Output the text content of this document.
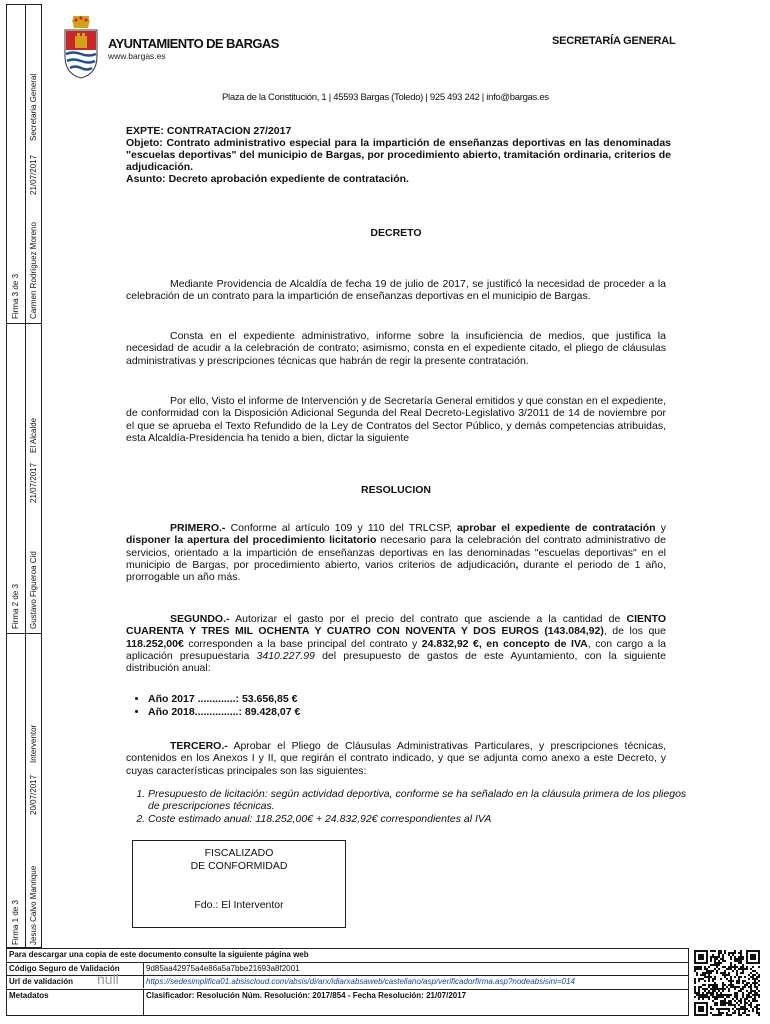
Firma 3 de 3 Carmen Rodríguez Moreno
21/07/2017
Secretaria General
Firma 2 de 3 Gustavo Figueroa Cid
21/07/2017
El Alcalde
Firma 1 de 3 Jesus Calvo Manrique
20/07/2017
Interventor
AYUNTAMIENTO DE BARGAS
www.bargas.es
SECRETARÍA GENERAL
Plaza de la Constitución, 1 | 45593 Bargas (Toledo) | 925 493 242 | info@bargas.es
EXPTE: CONTRATACION 27/2017
Objeto: Contrato administrativo especial para la impartición de enseñanzas deportivas en las denominadas "escuelas deportivas" del municipio de Bargas, por procedimiento abierto, tramitación ordinaria, criterios de adjudicación.
Asunto: Decreto aprobación expediente de contratación.
DECRETO
Mediante Providencia de Alcaldía de fecha 19 de julio de 2017, se justificó la necesidad de proceder a la celebración de un contrato para la impartición de enseñanzas deportivas en el municipio de Bargas.
Consta en el expediente administrativo, informe sobre la insuficiencia de medios, que justifica la necesidad de acudir a la celebración de contrato; asimismo, consta en el expediente citado, el pliego de cláusulas administrativas y prescripciones técnicas que habrán de regir la presente contratación.
Por ello, Visto el informe de Intervención y de Secretaría General emitidos y que constan en el expediente, de conformidad con la Disposición Adicional Segunda del Real Decreto-Legislativo 3/2011 de 14 de noviembre por el que se aprueba el Texto Refundido de la Ley de Contratos del Sector Público, y demás competencias atribuidas, esta Alcaldía-Presidencia ha tenido a bien, dictar la siguiente
RESOLUCION
PRIMERO.- Conforme al artículo 109 y 110 del TRLCSP, aprobar el expediente de contratación y disponer la apertura del procedimiento licitatorio necesario para la celebración del contrato administrativo de servicios, orientado a la impartición de enseñanzas deportivas en las denominadas "escuelas deportivas" en el municipio de Bargas, por procedimiento abierto, varios criterios de adjudicación, durante el periodo de 1 año, prorrogable un año más.
SEGUNDO.- Autorizar el gasto por el precio del contrato que asciende a la cantidad de CIENTO CUARENTA Y TRES MIL OCHENTA Y CUATRO CON NOVENTA Y DOS EUROS (143.084,92), de los que 118.252,00€ corresponden a la base principal del contrato y 24.832,92 €, en concepto de IVA, con cargo a la aplicación presupuestaria 3410.227.99 del presupuesto de gastos de este Ayuntamiento, con la siguiente distribución anual:
• Año 2017 .............: 53.656,85 €
• Año 2018...............: 89.428,07 €
TERCERO.- Aprobar el Pliego de Cláusulas Administrativas Particulares, y prescripciones técnicas, contenidos en los Anexos I y II, que regirán el contrato indicado, y que se adjunta como anexo a este Decreto, y cuyas características principales son las siguientes:
1. Presupuesto de licitación: según actividad deportiva, conforme se ha señalado en la cláusula primera de los pliegos de prescripciones técnicas.
2. Coste estimado anual: 118.252,00€ + 24.832,92€ correspondientes al IVA
FISCALIZADO
DE CONFORMIDAD
Fdo.: El Interventor
Para descargar una copia de este documento consulte la siguiente página web
Código Seguro de Validación	9d85aa42975a4e86a5a7bbe21693a8f2001
Url de validación	https://sedesimplifica01.absiscloud.com/absis/di/arx/idiarxabsaweb/castellano/asp/verificadorfirma.asp?nodeabsisini=014
Metadatos	Clasificador: Resolución Núm. Resolución: 2017/854 - Fecha Resolución: 21/07/2017
null
